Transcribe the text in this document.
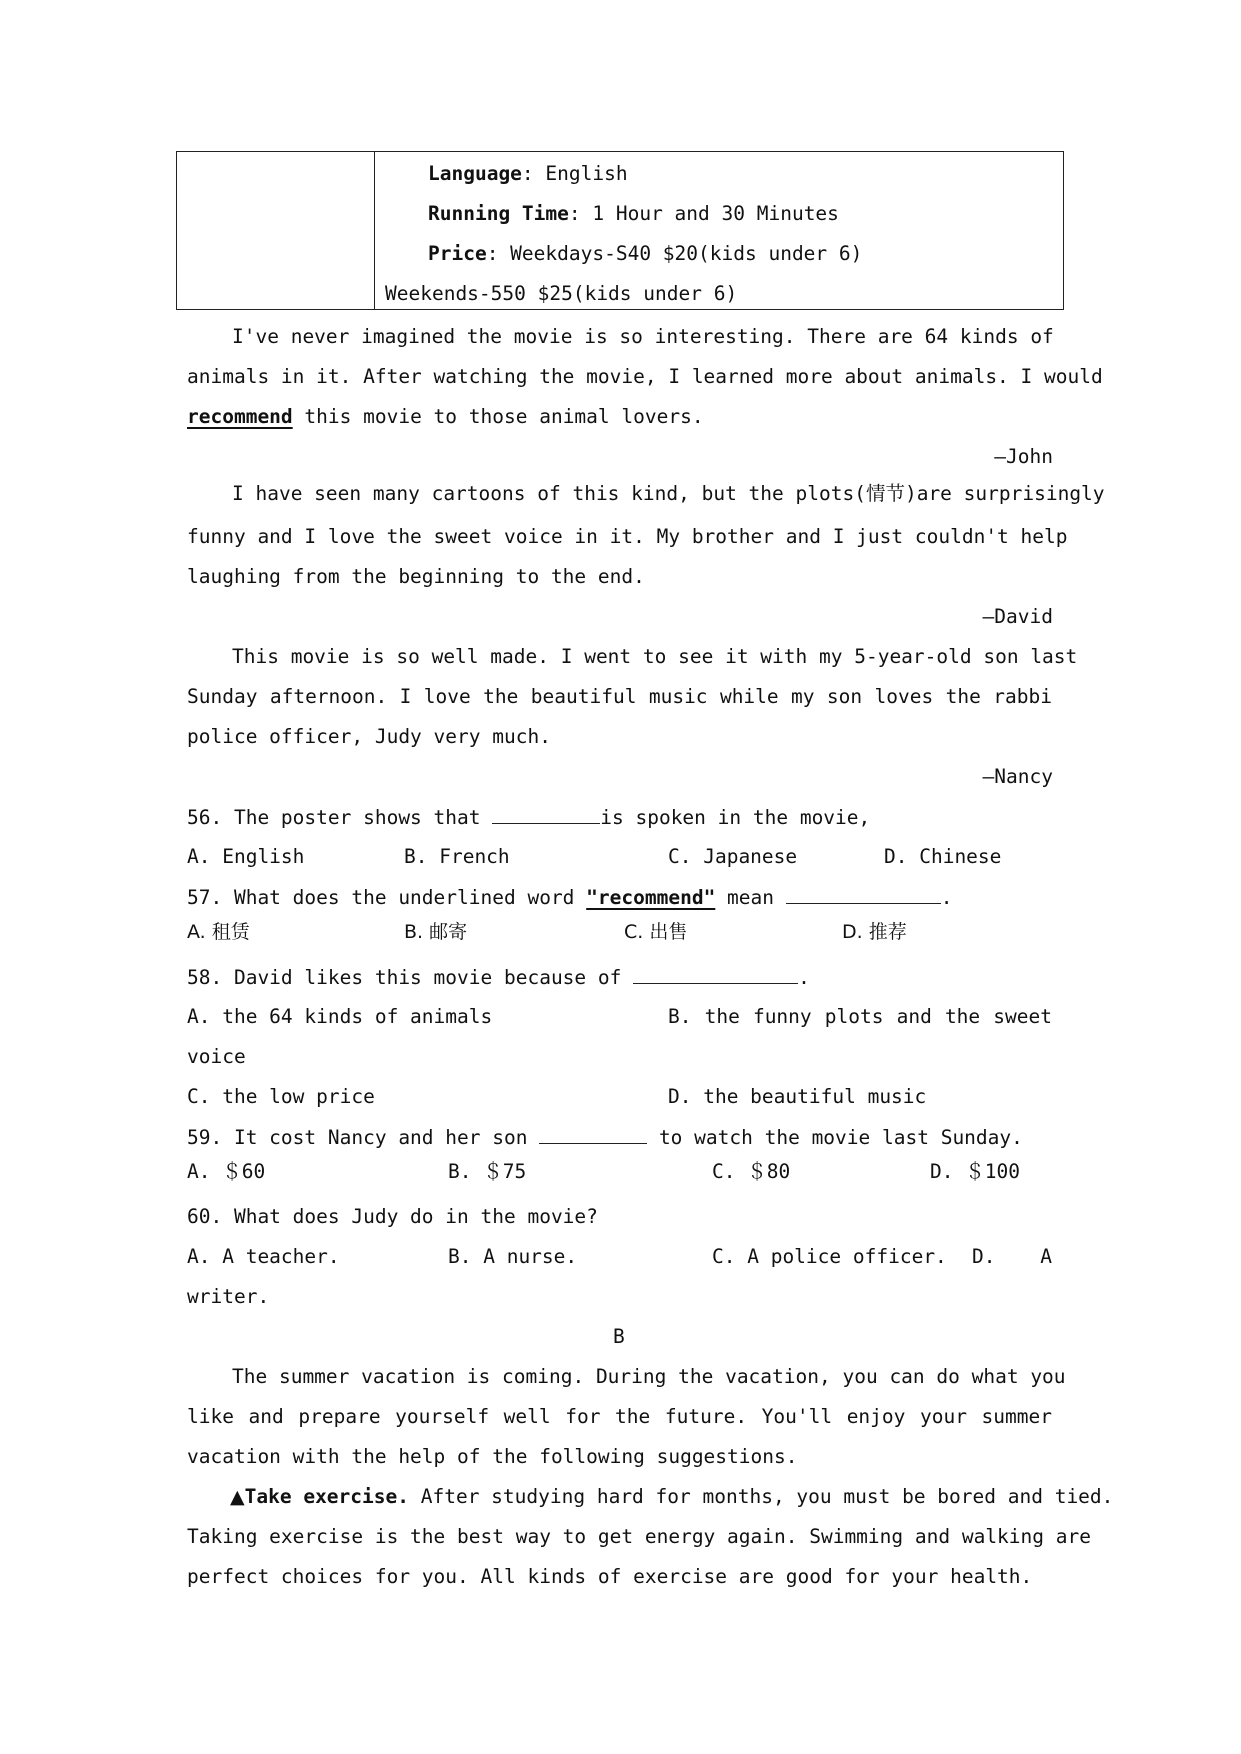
Language: English
Running Time: 1 Hour and 30 Minutes
Price: Weekdays-S40 $20(kids under 6)
Weekends-550 $25(kids under 6)
I've never imagined the movie is so interesting. There are 64 kinds of
animals in it. After watching the movie, I learned more about animals. I would
recommend this movie to those animal lovers.
—John
I have seen many cartoons of this kind, but the plots(情节)are surprisingly
funny and I love the sweet voice in it. My brother and I just couldn't help
laughing from the beginning to the end.
—David
This movie is so well made. I went to see it with my 5-year-old son last
Sunday afternoon. I love the beautiful music while my son loves the rabbi
police officer, Judy very much.
—Nancy
56. The poster shows that	is spoken in the movie,
A. English	B. French	C. Japanese	D. Chinese
57. What does the underlined word "recommend" mean	.
A. 租赁	B. 邮寄	C. 出售	D. 推荐
58. David likes this movie because of	.
A. the 64 kinds of animals	B. the funny plots and the sweet
voice
C. the low price	D. the beautiful music
59. It cost Nancy and her son	to watch the movie last Sunday.
A. ＄60	B. ＄75	C. ＄80	D. ＄100
60. What does Judy do in the movie?
A. A teacher.	B. A nurse.	C. A police officer. D. A
writer.
B
The summer vacation is coming. During the vacation, you can do what you
like and prepare yourself well for the future. You'll enjoy your summer
vacation with the help of the following suggestions.
▲Take exercise. After studying hard for months, you must be bored and tied.
Taking exercise is the best way to get energy again. Swimming and walking are
perfect choices for you. All kinds of exercise are good for your health.
